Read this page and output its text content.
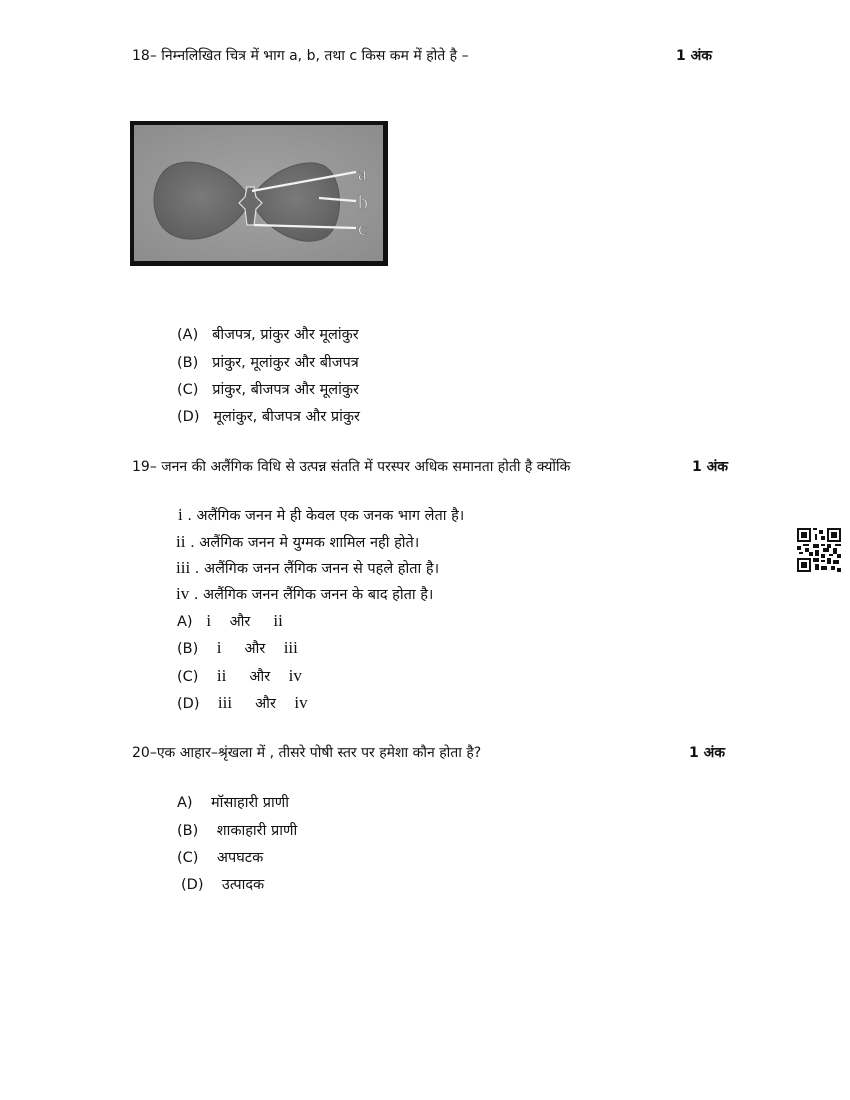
18– निम्नलिखित चित्र में भाग a, b, तथा c किस कम में होते है –	1 अंक
a
b
c
(A) बीजपत्र, प्रांकुर और मूलांकुर
(B) प्रांकुर, मूलांकुर और बीजपत्र
(C) प्रांकुर, बीजपत्र और मूलांकुर
(D) मूलांकुर, बीजपत्र और प्रांकुर
19– जनन की अलैंगिक विधि से उत्पन्न संतति में परस्पर अधिक समानता होती है क्योंकि	1 अंक
i . अलैंगिक जनन मे ही केवल एक जनक भाग लेता है।
ii . अलैंगिक जनन मे युग्मक शामिल नही होते।
iii . अलैंगिक जनन लैंगिक जनन से पहले होता है।
iv . अलैंगिक जनन लैंगिक जनन के बाद होता है।
A) i और ii
(B) i और iii
(C) ii और iv
(D) iii और iv
20–एक आहार–श्रृंखला में , तीसरे पोषी स्तर पर हमेशा कौन होता है?	1 अंक
A) मॉसाहारी प्राणी
(B) शाकाहारी प्राणी
(C) अपघटक
(D) उत्पादक
